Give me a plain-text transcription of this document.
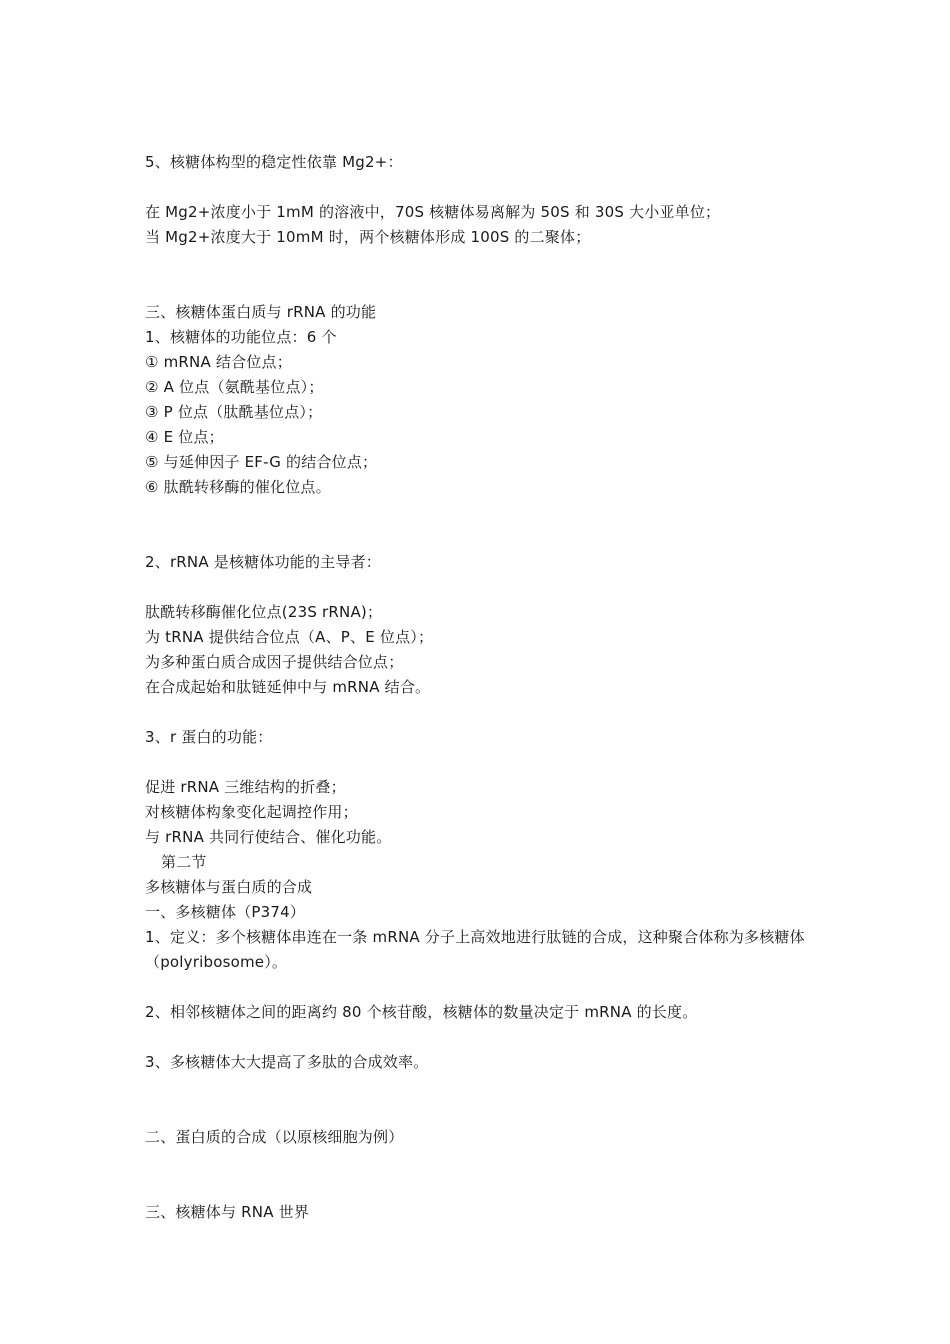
5、核糖体构型的稳定性依靠 Mg2+：
在 Mg2+浓度小于 1mM 的溶液中，70S 核糖体易离解为 50S 和 30S 大小亚单位；
当 Mg2+浓度大于 10mM 时，两个核糖体形成 100S 的二聚体；
三、核糖体蛋白质与 rRNA 的功能
1、核糖体的功能位点：6 个
① mRNA 结合位点；
② A 位点（氨酰基位点）；
③ P 位点（肽酰基位点）；
④ E 位点；
⑤ 与延伸因子 EF-G 的结合位点；
⑥ 肽酰转移酶的催化位点。
2、rRNA 是核糖体功能的主导者：
肽酰转移酶催化位点(23S rRNA)；
为 tRNA 提供结合位点（A、P、E 位点）；
为多种蛋白质合成因子提供结合位点；
在合成起始和肽链延伸中与 mRNA 结合。
3、r 蛋白的功能：
促进 rRNA 三维结构的折叠；
对核糖体构象变化起调控作用；
与 rRNA 共同行使结合、催化功能。
第二节
多核糖体与蛋白质的合成
一、多核糖体（P374）
1、定义：多个核糖体串连在一条 mRNA 分子上高效地进行肽链的合成，这种聚合体称为多核糖体（polyribosome）。
2、相邻核糖体之间的距离约 80 个核苷酸，核糖体的数量决定于 mRNA 的长度。
3、多核糖体大大提高了多肽的合成效率。
二、蛋白质的合成（以原核细胞为例）
三、核糖体与 RNA 世界
